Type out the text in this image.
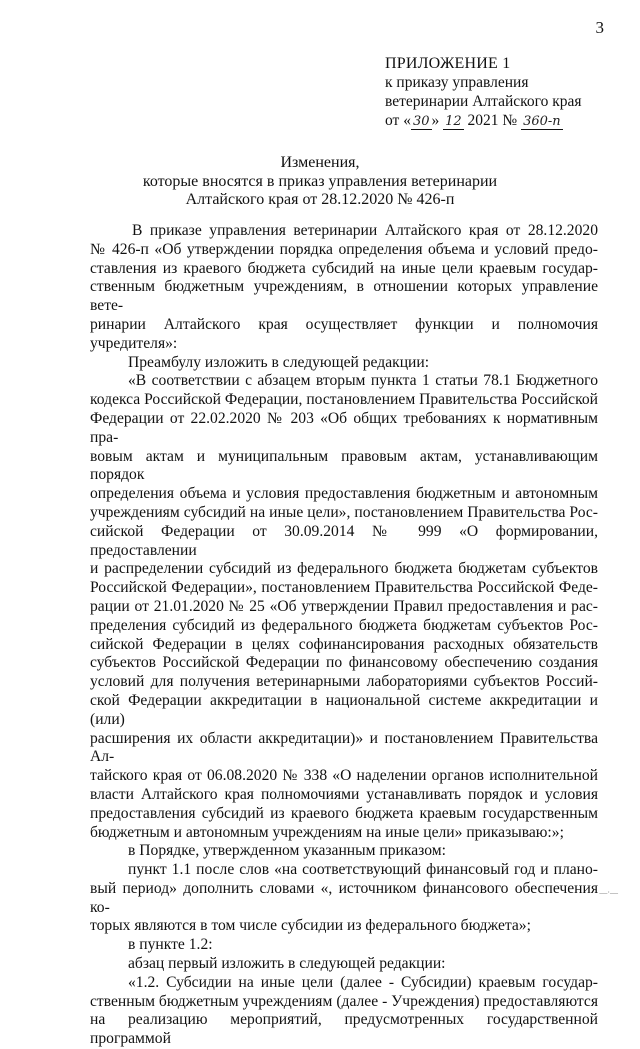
3
ПРИЛОЖЕНИЕ 1
к приказу управления
ветеринарии Алтайского края
от « 30 » 12 2021 № 360-п
Изменения,
которые вносятся в приказ управления ветеринарии
Алтайского края от 28.12.2020 № 426-п

В приказе управления ветеринарии Алтайского края от 28.12.2020

№ 426-п «Об утверждении порядка определения объема и условий предо-

ставления из краевого бюджета субсидий на иные цели краевым государ-

ственным бюджетным учреждениям, в отношении которых управление вете-

ринарии Алтайского края осуществляет функции и полномочия учредителя»:

Преамбулу изложить в следующей редакции:

«В соответствии с абзацем вторым пункта 1 статьи 78.1 Бюджетного

кодекса Российской Федерации, постановлением Правительства Российской

Федерации от 22.02.2020 № 203 «Об общих требованиях к нормативным пра-

вовым актам и муниципальным правовым актам, устанавливающим порядок

определения объема и условия предоставления бюджетным и автономным

учреждениям субсидий на иные цели», постановлением Правительства Рос-

сийской Федерации от 30.09.2014 № 999 «О формировании, предоставлении

и распределении субсидий из федерального бюджета бюджетам субъектов

Российской Федерации», постановлением Правительства Российской Феде-

рации от 21.01.2020 № 25 «Об утверждении Правил предоставления и рас-

пределения субсидий из федерального бюджета бюджетам субъектов Рос-

сийской Федерации в целях софинансирования расходных обязательств

субъектов Российской Федерации по финансовому обеспечению создания

условий для получения ветеринарными лабораториями субъектов Россий-

ской Федерации аккредитации в национальной системе аккредитации и (или)

расширения их области аккредитации)» и постановлением Правительства Ал-

тайского края от 06.08.2020 № 338 «О наделении органов исполнительной

власти Алтайского края полномочиями устанавливать порядок и условия

предоставления субсидий из краевого бюджета краевым государственным

бюджетным и автономным учреждениям на иные цели» приказываю:»;

в Порядке, утвержденном указанным приказом:

пункт 1.1 после слов «на соответствующий финансовый год и плано-

вый период» дополнить словами «, источником финансового обеспечения ко-

торых являются в том числе субсидии из федерального бюджета»;

в пункте 1.2:

абзац первый изложить в следующей редакции:

«1.2. Субсидии на иные цели (далее - Субсидии) краевым государ-

ственным бюджетным учреждениям (далее - Учреждения) предоставляются

на реализацию мероприятий, предусмотренных государственной программой

—·—
